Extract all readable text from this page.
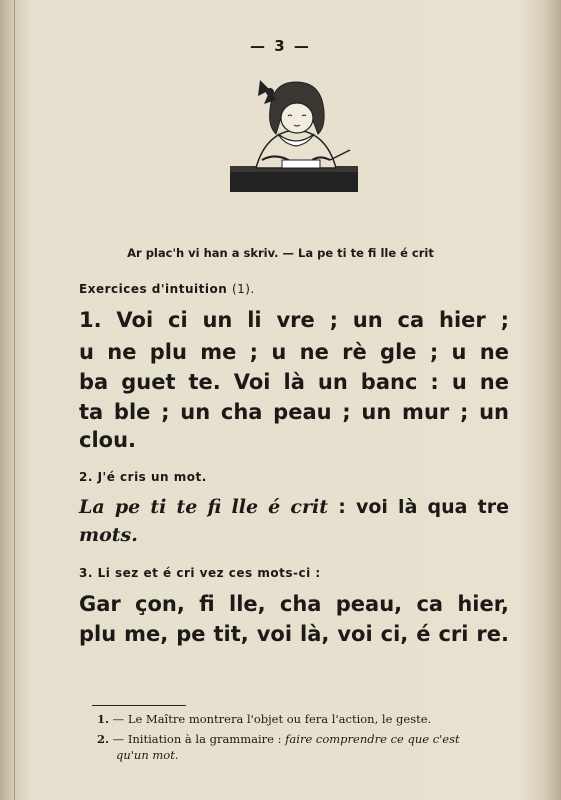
— 3 —
Ar plac'h vi han a skriv. — La pe ti te fi lle é crit
Exercices d'intuition (1).
1. Voi ci un li vre ; un ca hier ;
u ne plu me ; u ne rè gle ; u ne
ba guet te. Voi là un banc : u ne
ta ble ; un cha peau ; un mur ; un
clou.
2. J'é cris un mot.
La pe ti te fi lle é crit : voi là qua tre
mots.
3. Li sez et é cri vez ces mots-ci :
Gar çon, fi lle, cha peau, ca hier,
plu me, pe tit, voi là, voi ci, é cri re.
1. — Le Maître montrera l'objet ou fera l'action, le geste.
2. — Initiation à la grammaire : faire comprendre ce que c'est
qu'un mot.
